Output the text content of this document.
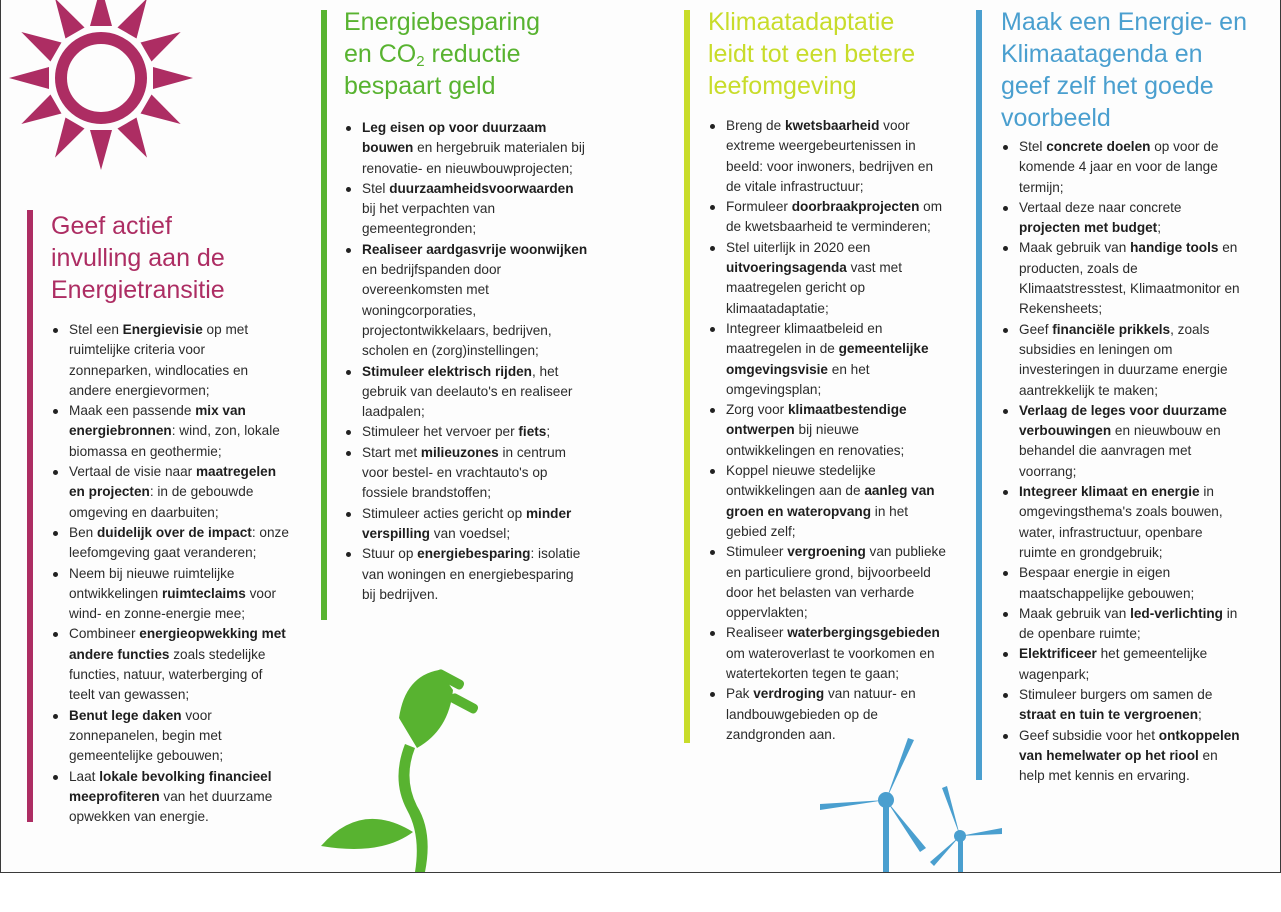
Geef actief
invulling aan de
Energietransitie
Stel een Energievisie op met ruimtelijke criteria voor zonneparken, windlocaties en andere energievormen;
Maak een passende mix van energiebronnen: wind, zon, lokale biomassa en geothermie;
Vertaal de visie naar maatregelen en projecten: in de gebouwde omgeving en daarbuiten;
Ben duidelijk over de impact: onze leefomgeving gaat veranderen;
Neem bij nieuwe ruimtelijke ontwikkelingen ruimteclaims voor wind- en zonne-energie mee;
Combineer energieopwekking met andere functies zoals stedelijke functies, natuur, waterberging of teelt van gewassen;
Benut lege daken voor zonnepanelen, begin met gemeentelijke gebouwen;
Laat lokale bevolking financieel meeprofiteren van het duurzame opwekken van energie.
Energiebesparing
en $CO_2$ reductie
bespaart geld
Leg eisen op voor duurzaam bouwen en hergebruik materialen bij renovatie- en nieuwbouwprojecten;
Stel duurzaamheidsvoorwaarden bij het verpachten van gemeentegronden;
Realiseer aardgasvrije woonwijken en bedrijfspanden door overeenkomsten met woningcorporaties, projectontwikkelaars, bedrijven, scholen en (zorg)instellingen;
Stimuleer elektrisch rijden, het gebruik van deelauto's en realiseer laadpalen;
Stimuleer het vervoer per fiets;
Start met milieuzones in centrum voor bestel- en vrachtauto's op fossiele brandstoffen;
Stimuleer acties gericht op minder verspilling van voedsel;
Stuur op energiebesparing: isolatie van woningen en energiebesparing bij bedrijven.
Klimaatadaptatie
leidt tot een betere
leefomgeving
Breng de kwetsbaarheid voor extreme weergebeurtenissen in beeld: voor inwoners, bedrijven en de vitale infrastructuur;
Formuleer doorbraakprojecten om de kwetsbaarheid te verminderen;
Stel uiterlijk in 2020 een uitvoeringsagenda vast met maatregelen gericht op klimaatadaptatie;
Integreer klimaatbeleid en maatregelen in de gemeentelijke omgevingsvisie en het omgevingsplan;
Zorg voor klimaatbestendige ontwerpen bij nieuwe ontwikkelingen en renovaties;
Koppel nieuwe stedelijke ontwikkelingen aan de aanleg van groen en wateropvang in het gebied zelf;
Stimuleer vergroening van publieke en particuliere grond, bijvoorbeeld door het belasten van verharde oppervlakten;
Realiseer waterbergingsgebieden om wateroverlast te voorkomen en watertekorten tegen te gaan;
Pak verdroging van natuur- en landbouwgebieden op de zandgronden aan.
Maak een Energie- en
Klimaatagenda en
geef zelf het goede
voorbeeld
Stel concrete doelen op voor de komende 4 jaar en voor de lange termijn;
Vertaal deze naar concrete projecten met budget;
Maak gebruik van handige tools en producten, zoals de Klimaatstresstest, Klimaatmonitor en Rekensheets;
Geef financiële prikkels, zoals subsidies en leningen om investeringen in duurzame energie aantrekkelijk te maken;
Verlaag de leges voor duurzame verbouwingen en nieuwbouw en behandel die aanvragen met voorrang;
Integreer klimaat en energie in omgevingsthema's zoals bouwen, water, infrastructuur, openbare ruimte en grondgebruik;
Bespaar energie in eigen maatschappelijke gebouwen;
Maak gebruik van led-verlichting in de openbare ruimte;
Elektrificeer het gemeentelijke wagenpark;
Stimuleer burgers om samen de straat en tuin te vergroenen;
Geef subsidie voor het ontkoppelen van hemelwater op het riool en help met kennis en ervaring.
